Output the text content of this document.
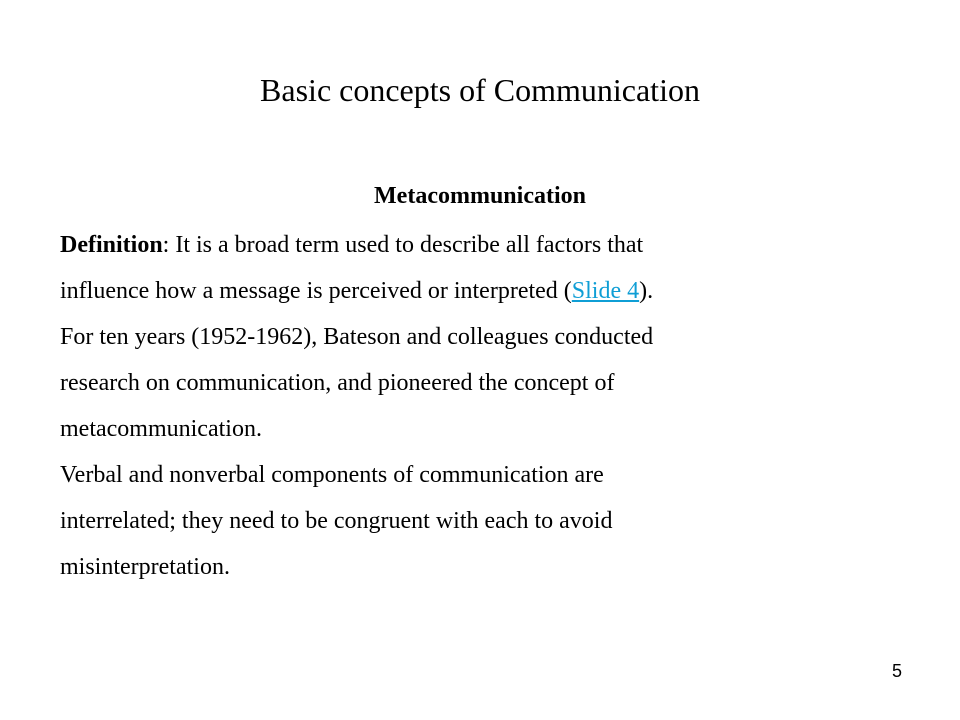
Basic concepts of Communication
Metacommunication
Definition: It is a broad term used to describe all factors that
influence how a message is perceived or interpreted (Slide 4).
For ten years (1952-1962), Bateson and colleagues conducted
research on communication, and pioneered the concept of
metacommunication.
Verbal and nonverbal components of communication are
interrelated; they need to be congruent with each to avoid
misinterpretation.
5
